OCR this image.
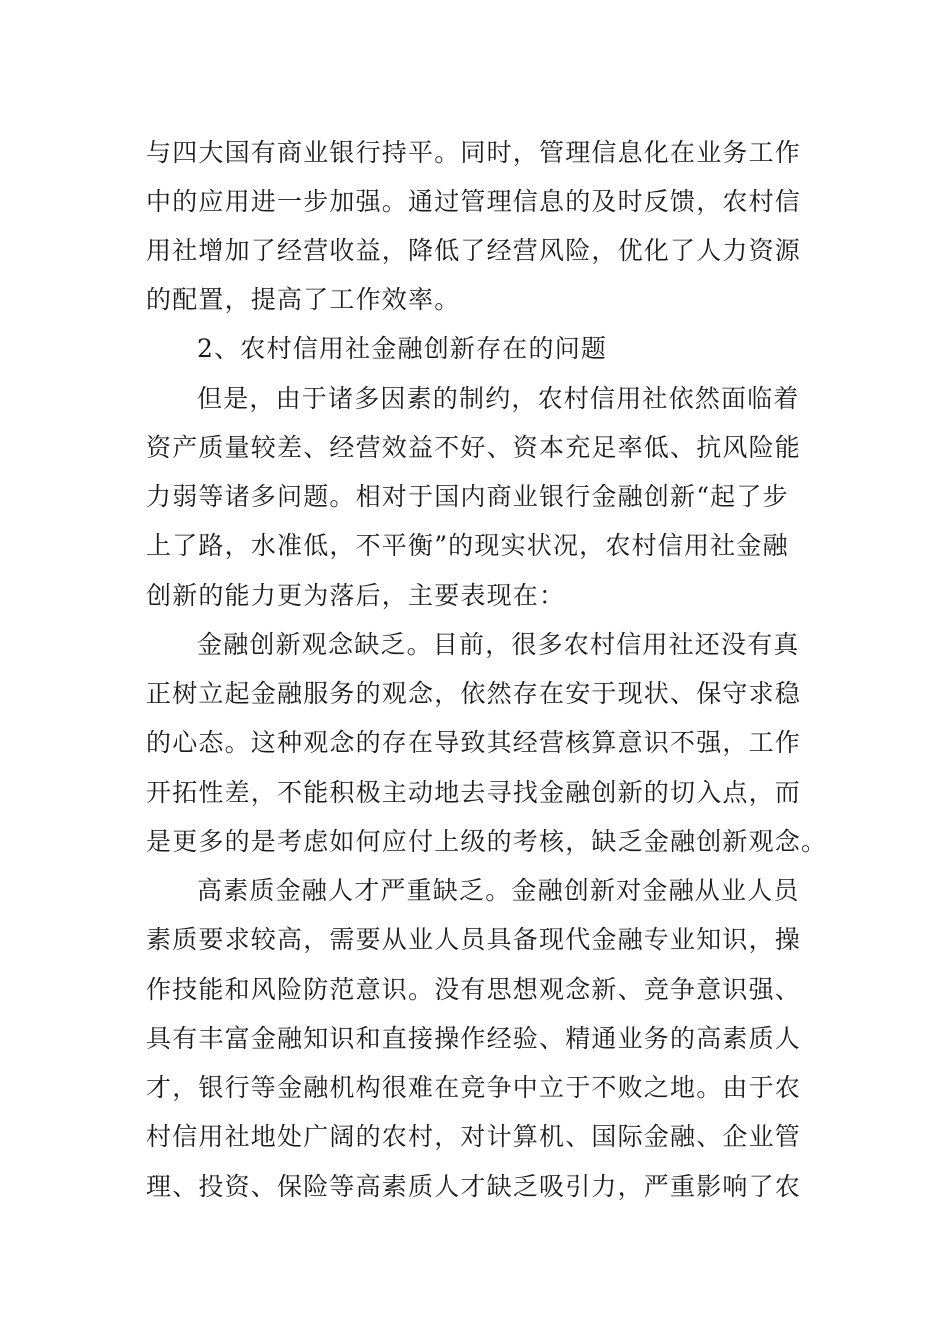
与四大国有商业银行持平。同时，管理信息化在业务工作
中的应用进一步加强。通过管理信息的及时反馈，农村信
用社增加了经营收益，降低了经营风险，优化了人力资源
的配置，提高了工作效率。
2、农村信用社金融创新存在的问题
但是，由于诸多因素的制约，农村信用社依然面临着
资产质量较差、经营效益不好、资本充足率低、抗风险能
力弱等诸多问题。相对于国内商业银行金融创新“起了步
上了路，水准低，不平衡”的现实状况，农村信用社金融
创新的能力更为落后，主要表现在：
金融创新观念缺乏。目前，很多农村信用社还没有真
正树立起金融服务的观念，依然存在安于现状、保守求稳
的心态。这种观念的存在导致其经营核算意识不强，工作
开拓性差，不能积极主动地去寻找金融创新的切入点，而
是更多的是考虑如何应付上级的考核，缺乏金融创新观念。
高素质金融人才严重缺乏。金融创新对金融从业人员
素质要求较高，需要从业人员具备现代金融专业知识，操
作技能和风险防范意识。没有思想观念新、竞争意识强、
具有丰富金融知识和直接操作经验、精通业务的高素质人
才，银行等金融机构很难在竞争中立于不败之地。由于农
村信用社地处广阔的农村，对计算机、国际金融、企业管
理、投资、保险等高素质人才缺乏吸引力，严重影响了农
